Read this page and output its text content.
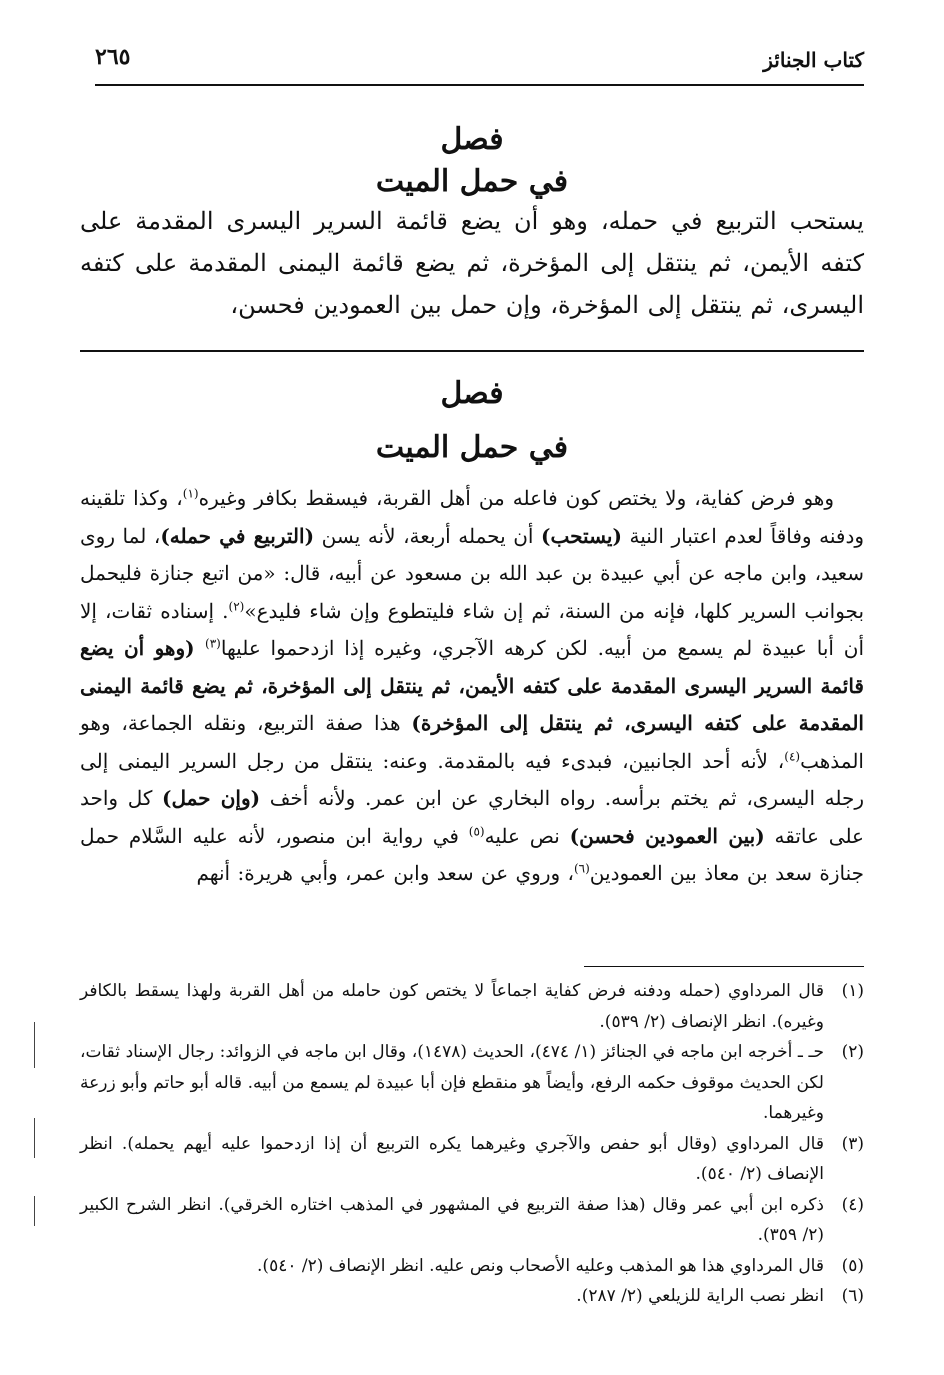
كتاب الجنائز
٢٦٥
فصل
في حمل الميت
يستحب التربيع في حمله، وهو أن يضع قائمة السرير اليسرى المقدمة على كتفه الأيمن، ثم ينتقل إلى المؤخرة، ثم يضع قائمة اليمنى المقدمة على كتفه اليسرى، ثم ينتقل إلى المؤخرة، وإن حمل بين العمودين فحسن،
فصل
في حمل الميت
وهو فرض كفاية، ولا يختص كون فاعله من أهل القربة، فيسقط بكافر وغيره$^{(١)}$، وكذا تلقينه ودفنه وفاقاً لعدم اعتبار النية (يستحب) أن يحمله أربعة، لأنه يسن (التربيع في حمله)، لما روى سعيد، وابن ماجه عن أبي عبيدة بن عبد الله بن مسعود عن أبيه، قال: «من اتبع جنازة فليحمل بجوانب السرير كلها، فإنه من السنة، ثم إن شاء فليتطوع وإن شاء فليدع»$^{(٢)}$. إسناده ثقات، إلا أن أبا عبيدة لم يسمع من أبيه. لكن كرهه الآجري، وغيره إذا ازدحموا عليها$^{(٣)}$ (وهو أن يضع قائمة السرير اليسرى المقدمة على كتفه الأيمن، ثم ينتقل إلى المؤخرة، ثم يضع قائمة اليمنى المقدمة على كتفه اليسرى، ثم ينتقل إلى المؤخرة) هذا صفة التربيع، ونقله الجماعة، وهو المذهب$^{(٤)}$، لأنه أحد الجانبين، فبدىء فيه بالمقدمة. وعنه: ينتقل من رجل السرير اليمنى إلى رجله اليسرى، ثم يختم برأسه. رواه البخاري عن ابن عمر. ولأنه أخف (وإن حمل) كل واحد على عاتقه (بين العمودين فحسن) نص عليه$^{(٥)}$ في رواية ابن منصور، لأنه عليه السَّلام حمل جنازة سعد بن معاذ بين العمودين$^{(٦)}$، وروي عن سعد وابن عمر، وأبي هريرة: أنهم
(١)
قال المرداوي (حمله ودفنه فرض كفاية اجماعاً لا يختص كون حامله من أهل القربة ولهذا يسقط بالكافر وغيره). انظر الإنصاف (٢/ ٥٣٩).
(٢)
حـ ـ أخرجه ابن ماجه في الجنائز (١/ ٤٧٤)، الحديث (١٤٧٨)، وقال ابن ماجه في الزوائد: رجال الإسناد ثقات، لكن الحديث موقوف حكمه الرفع، وأيضاً هو منقطع فإن أبا عبيدة لم يسمع من أبيه. قاله أبو حاتم وأبو زرعة وغيرهما.
(٣)
قال المرداوي (وقال أبو حفص والآجري وغيرهما يكره التربيع أن إذا ازدحموا عليه أيهم يحمله). انظر الإنصاف (٢/ ٥٤٠).
(٤)
ذكره ابن أبي عمر وقال (هذا صفة التربيع في المشهور في المذهب اختاره الخرقي). انظر الشرح الكبير (٢/ ٣٥٩).
(٥)
قال المرداوي هذا هو المذهب وعليه الأصحاب ونص عليه. انظر الإنصاف (٢/ ٥٤٠).
(٦)
انظر نصب الراية للزيلعي (٢/ ٢٨٧).
